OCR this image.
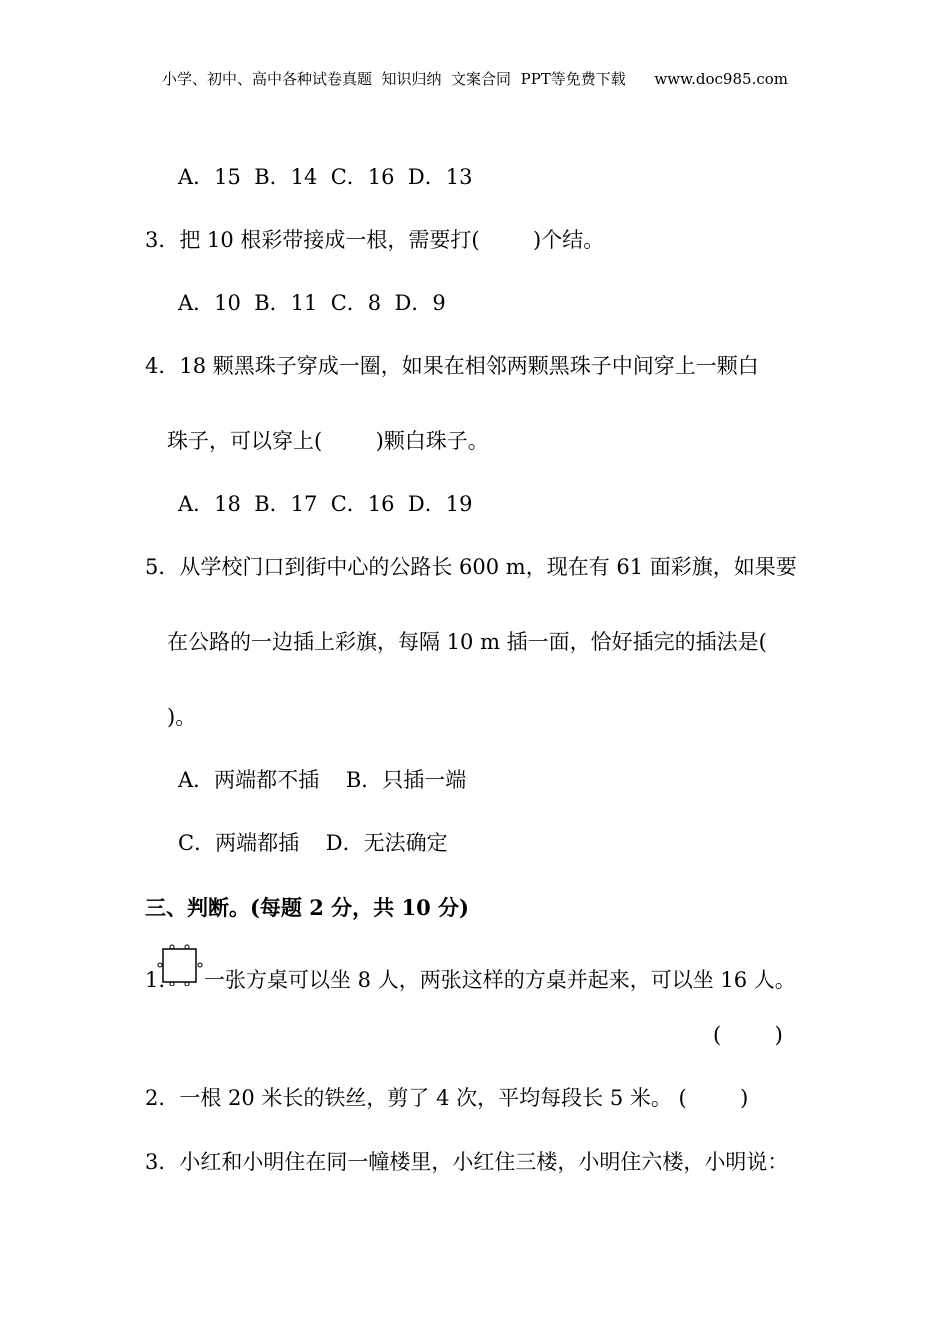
小学、初中、高中各种试卷真题  知识归纳  文案合同  PPT等免费下载      www.doc985.com
A．15  B．14  C．16  D．13
3．把 10 根彩带接成一根，需要打(        )个结。
A．10  B．11  C．8  D．9
4．18 颗黑珠子穿成一圈，如果在相邻两颗黑珠子中间穿上一颗白
珠子，可以穿上(        )颗白珠子。
A．18  B．17  C．16  D．19
5．从学校门口到街中心的公路长 600 m，现在有 61 面彩旗，如果要
在公路的一边插上彩旗，每隔 10 m 插一面，恰好插完的插法是(
)。
A．两端都不插    B．只插一端
C．两端都插    D．无法确定
三、判断。(每题 2 分，共 10 分)
1. 一张方桌可以坐 8 人，两张这样的方桌并起来，可以坐 16 人。
(        )
2．一根 20 米长的铁丝，剪了 4 次，平均每段长 5 米。 (        )
3．小红和小明住在同一幢楼里，小红住三楼，小明住六楼，小明说：
